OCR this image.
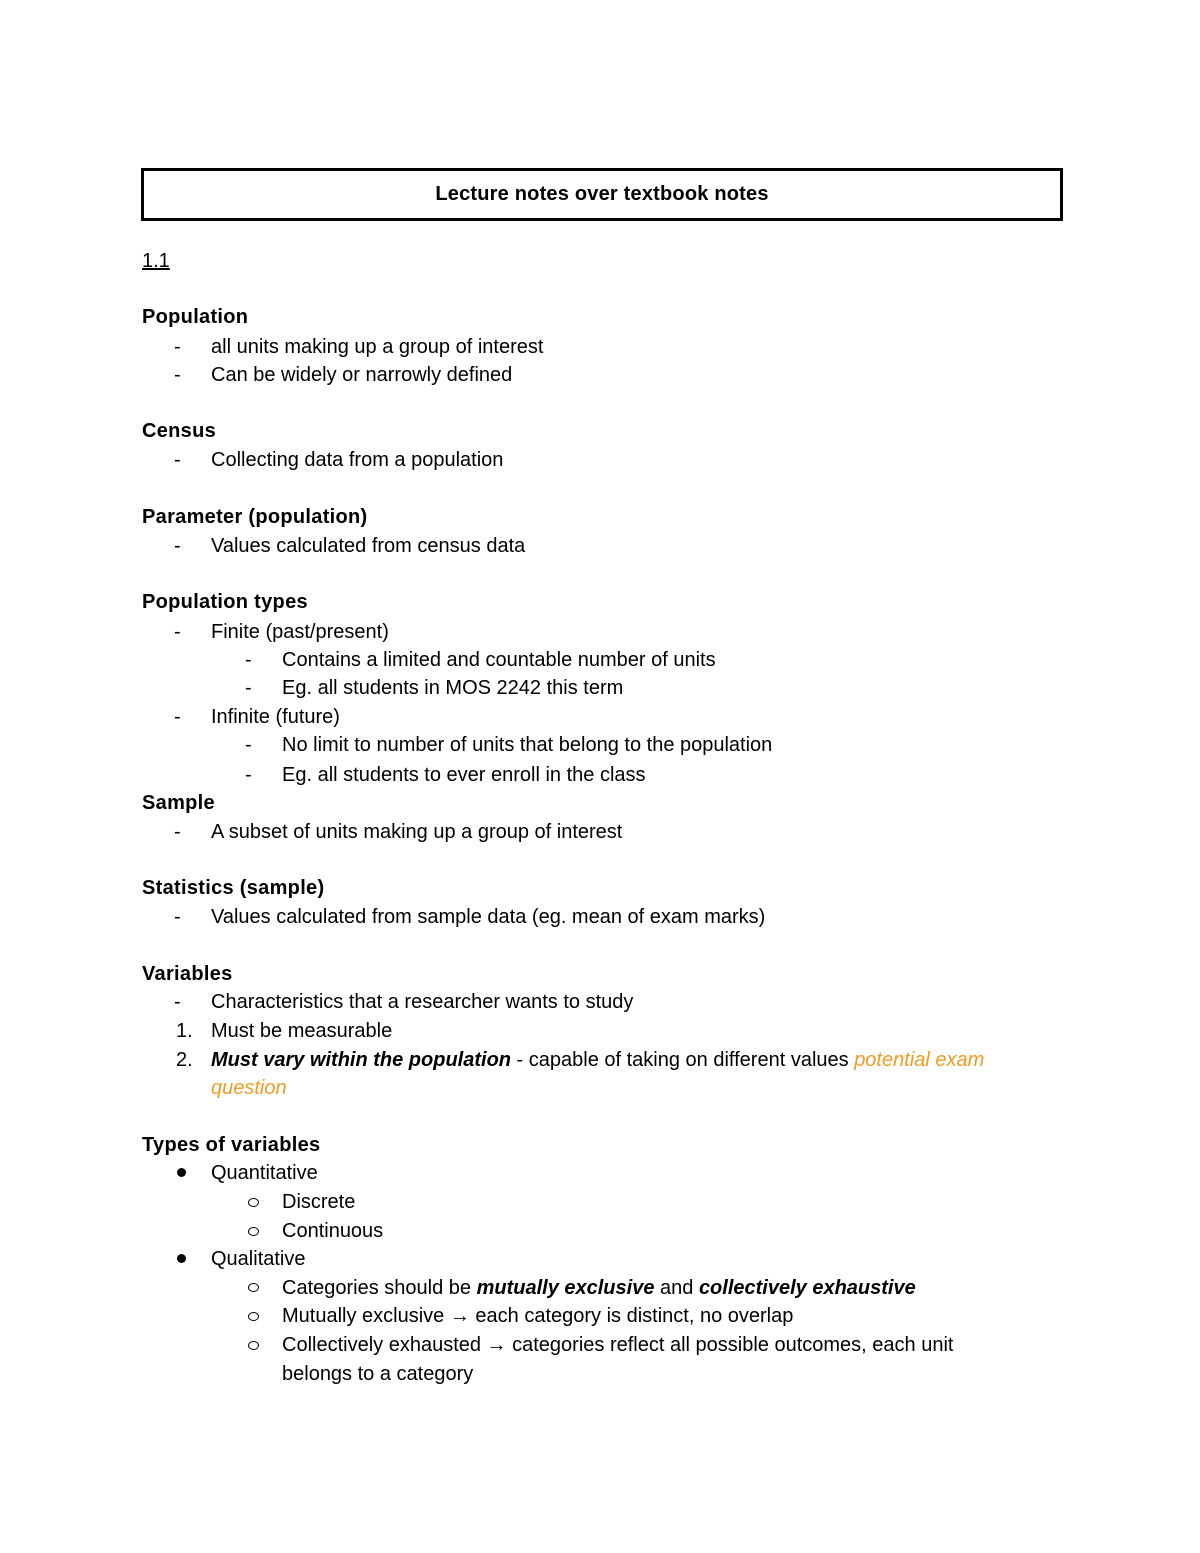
Lecture notes over textbook notes
1.1
Population
- all units making up a group of interest
- Can be widely or narrowly defined
Census
- Collecting data from a population
Parameter (population)
- Values calculated from census data
Population types
- Finite (past/present)
- Contains a limited and countable number of units
- Eg. all students in MOS 2242 this term
- Infinite (future)
- No limit to number of units that belong to the population
- Eg. all students to ever enroll in the class
Sample
- A subset of units making up a group of interest
Statistics (sample)
- Values calculated from sample data (eg. mean of exam marks)
Variables
- Characteristics that a researcher wants to study
1. Must be measurable
2. Must vary within the population - capable of taking on different values potential exam
question
Types of variables
Quantitative
Discrete
Continuous
Qualitative
Categories should be mutually exclusive and collectively exhaustive
Mutually exclusive → each category is distinct, no overlap
Collectively exhausted → categories reflect all possible outcomes, each unit
belongs to a category
